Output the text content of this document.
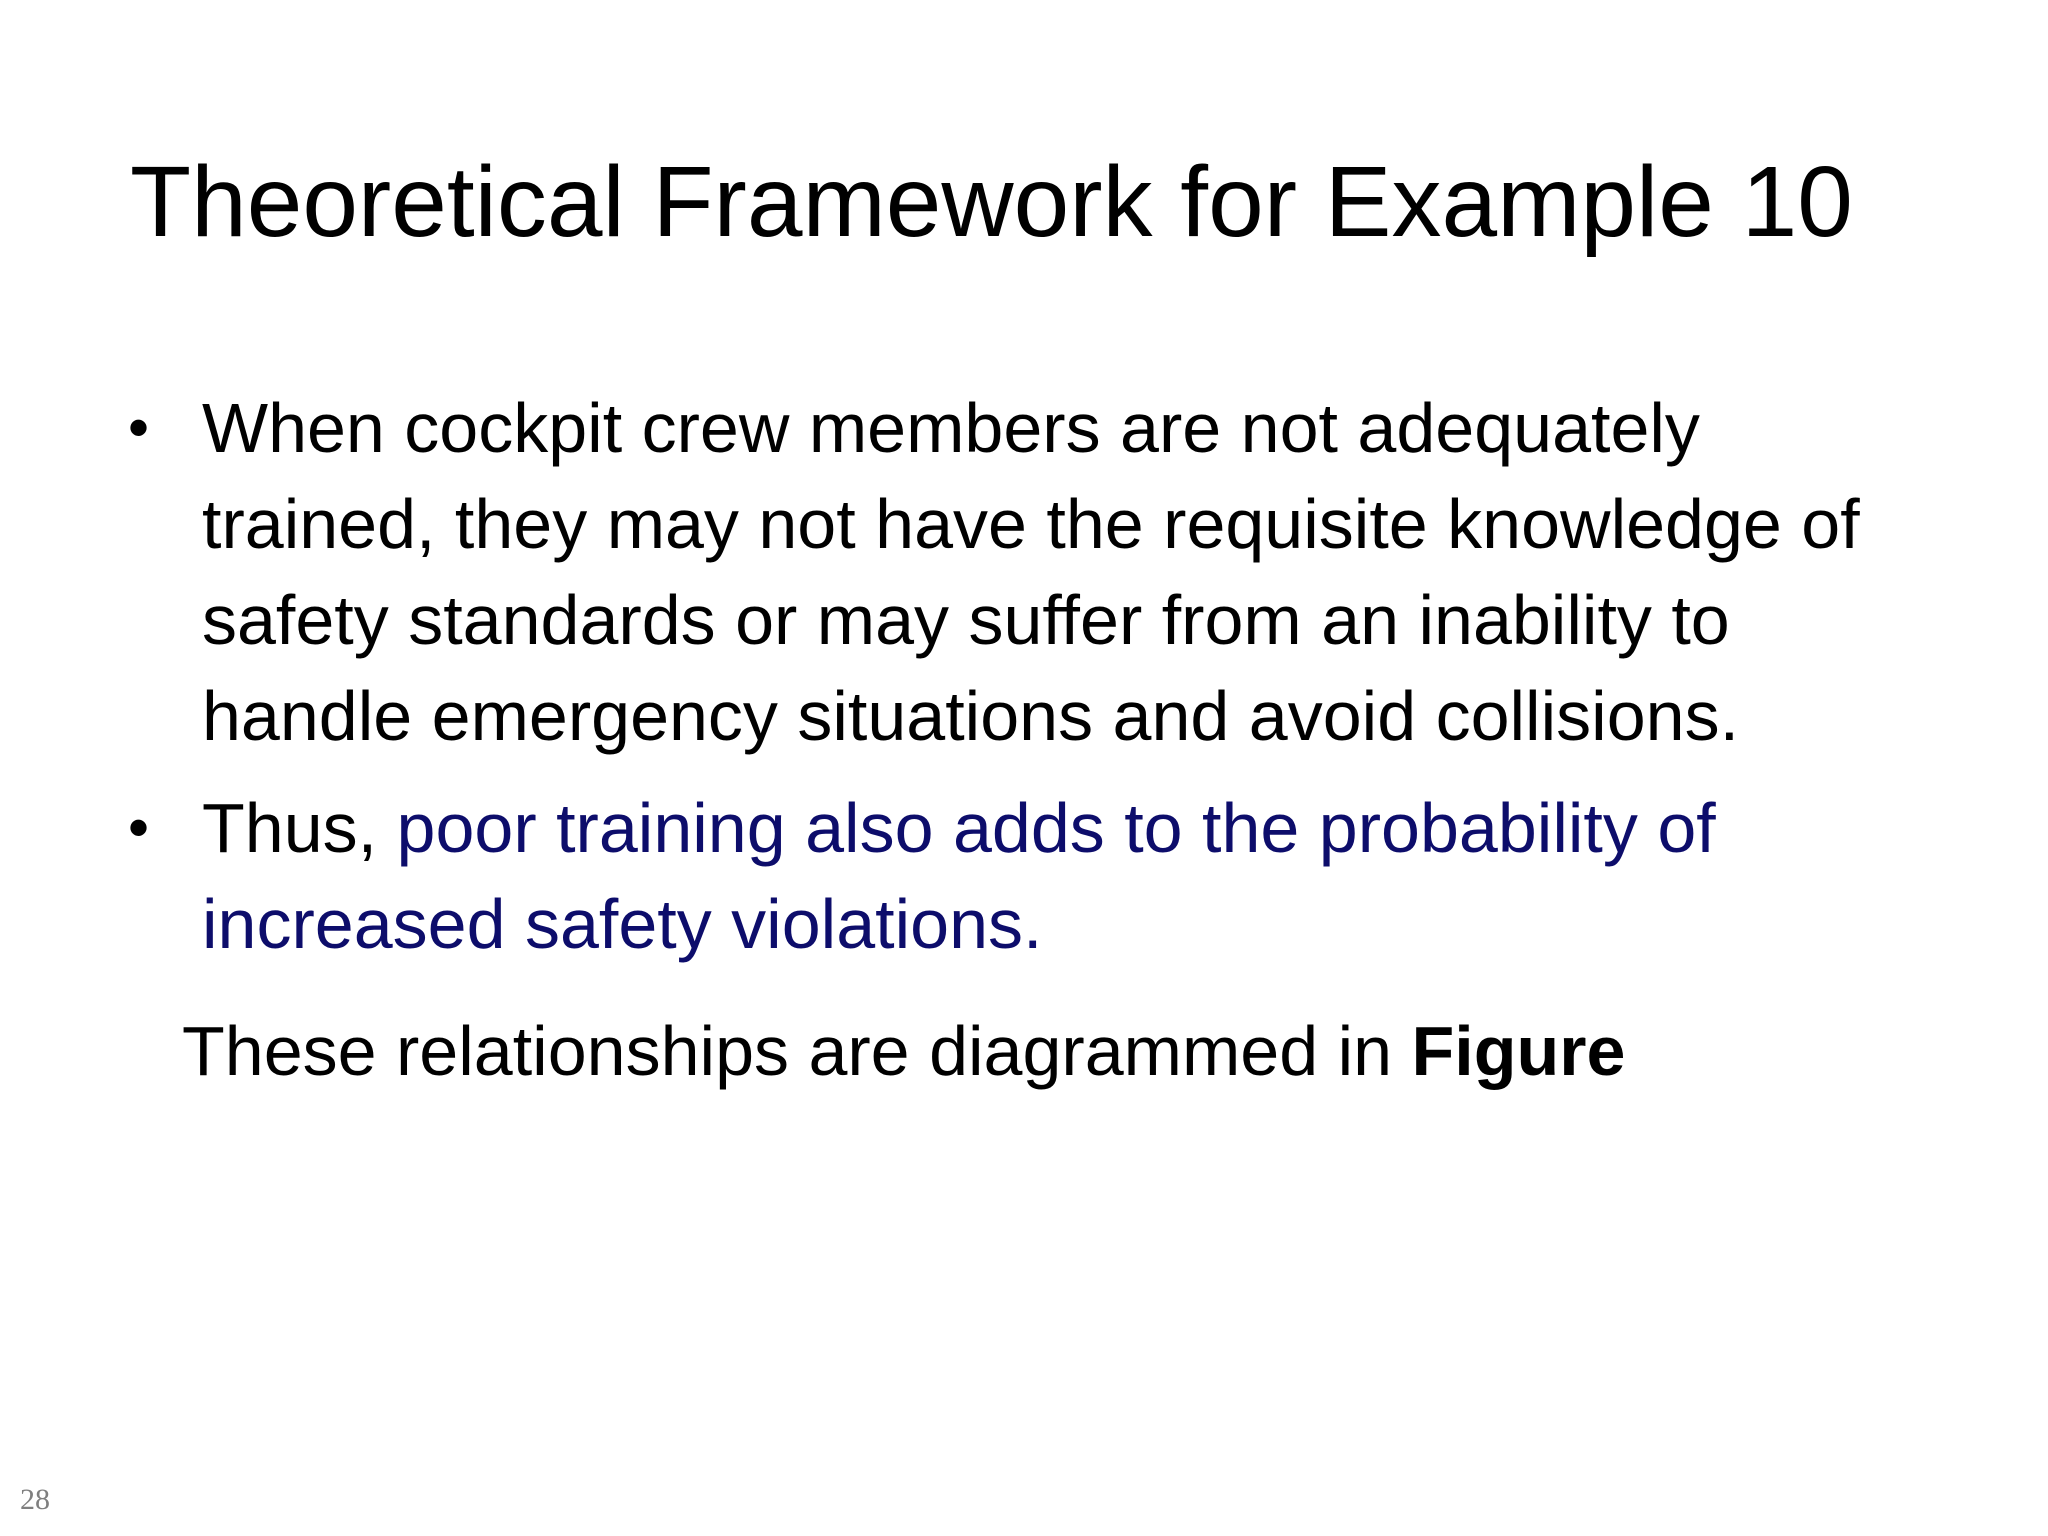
Theoretical Framework for Example 10
• When cockpit crew members are not adequately trained, they may not have the requisite knowledge of safety standards or may suffer from an inability to handle emergency situations and avoid collisions.
• Thus, poor training also adds to the probability of increased safety violations.
These relationships are diagrammed in Figure
28
